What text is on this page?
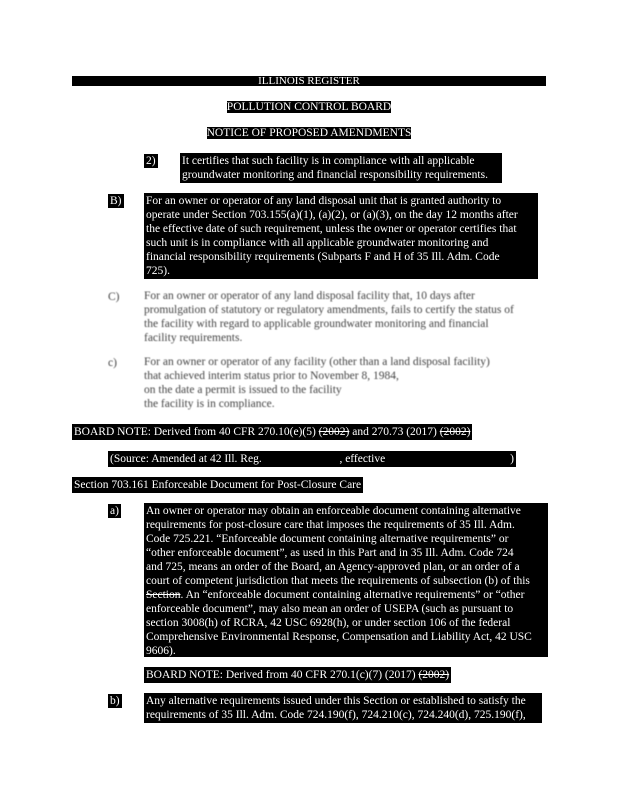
ILLINOIS REGISTER
POLLUTION CONTROL BOARD
NOTICE OF PROPOSED AMENDMENTS
2) It certifies that such facility is in compliance with all applicable

groundwater monitoring and financial responsibility requirements.

B) For an owner or operator of any land disposal unit that is granted authority to

operate under Section 703.155(a)(1), (a)(2), or (a)(3), on the day 12 months after

the effective date of such requirement, unless the owner or operator certifies that

such unit is in compliance with all applicable groundwater monitoring and

financial responsibility requirements (Subparts F and H of 35 Ill. Adm. Code

725).

C) For an owner or operator of any land disposal facility that, 10 days after
promulgation of statutory or regulatory amendments, fails to certify the status of
the facility with regard to applicable groundwater monitoring and financial
facility requirements.
c) For an owner or operator of any facility (other than a land disposal facility)
that achieved interim status prior to November 8, 1984,
on the date a permit is issued to the facility
the facility is in compliance.
BOARD NOTE: Derived from 40 CFR 270.10(e)(5) (2002) and 270.73 (2017) (2002)
(Source: Amended at 42 Ill. Reg.	, effective	)
Section 703.161 Enforceable Document for Post-Closure Care
a) An owner or operator may obtain an enforceable document containing alternative

requirements for post-closure care that imposes the requirements of 35 Ill. Adm.

Code 725.221. “Enforceable document containing alternative requirements” or

“other enforceable document”, as used in this Part and in 35 Ill. Adm. Code 724

and 725, means an order of the Board, an Agency-approved plan, or an order of a

court of competent jurisdiction that meets the requirements of subsection (b) of this

Section. An “enforceable document containing alternative requirements” or “other

enforceable document”, may also mean an order of USEPA (such as pursuant to

section 3008(h) of RCRA, 42 USC 6928(h), or under section 106 of the federal

Comprehensive Environmental Response, Compensation and Liability Act, 42 USC

9606).

BOARD NOTE: Derived from 40 CFR 270.1(c)(7) (2017) (2002)
b) Any alternative requirements issued under this Section or established to satisfy the

requirements of 35 Ill. Adm. Code 724.190(f), 724.210(c), 724.240(d), 725.190(f),
